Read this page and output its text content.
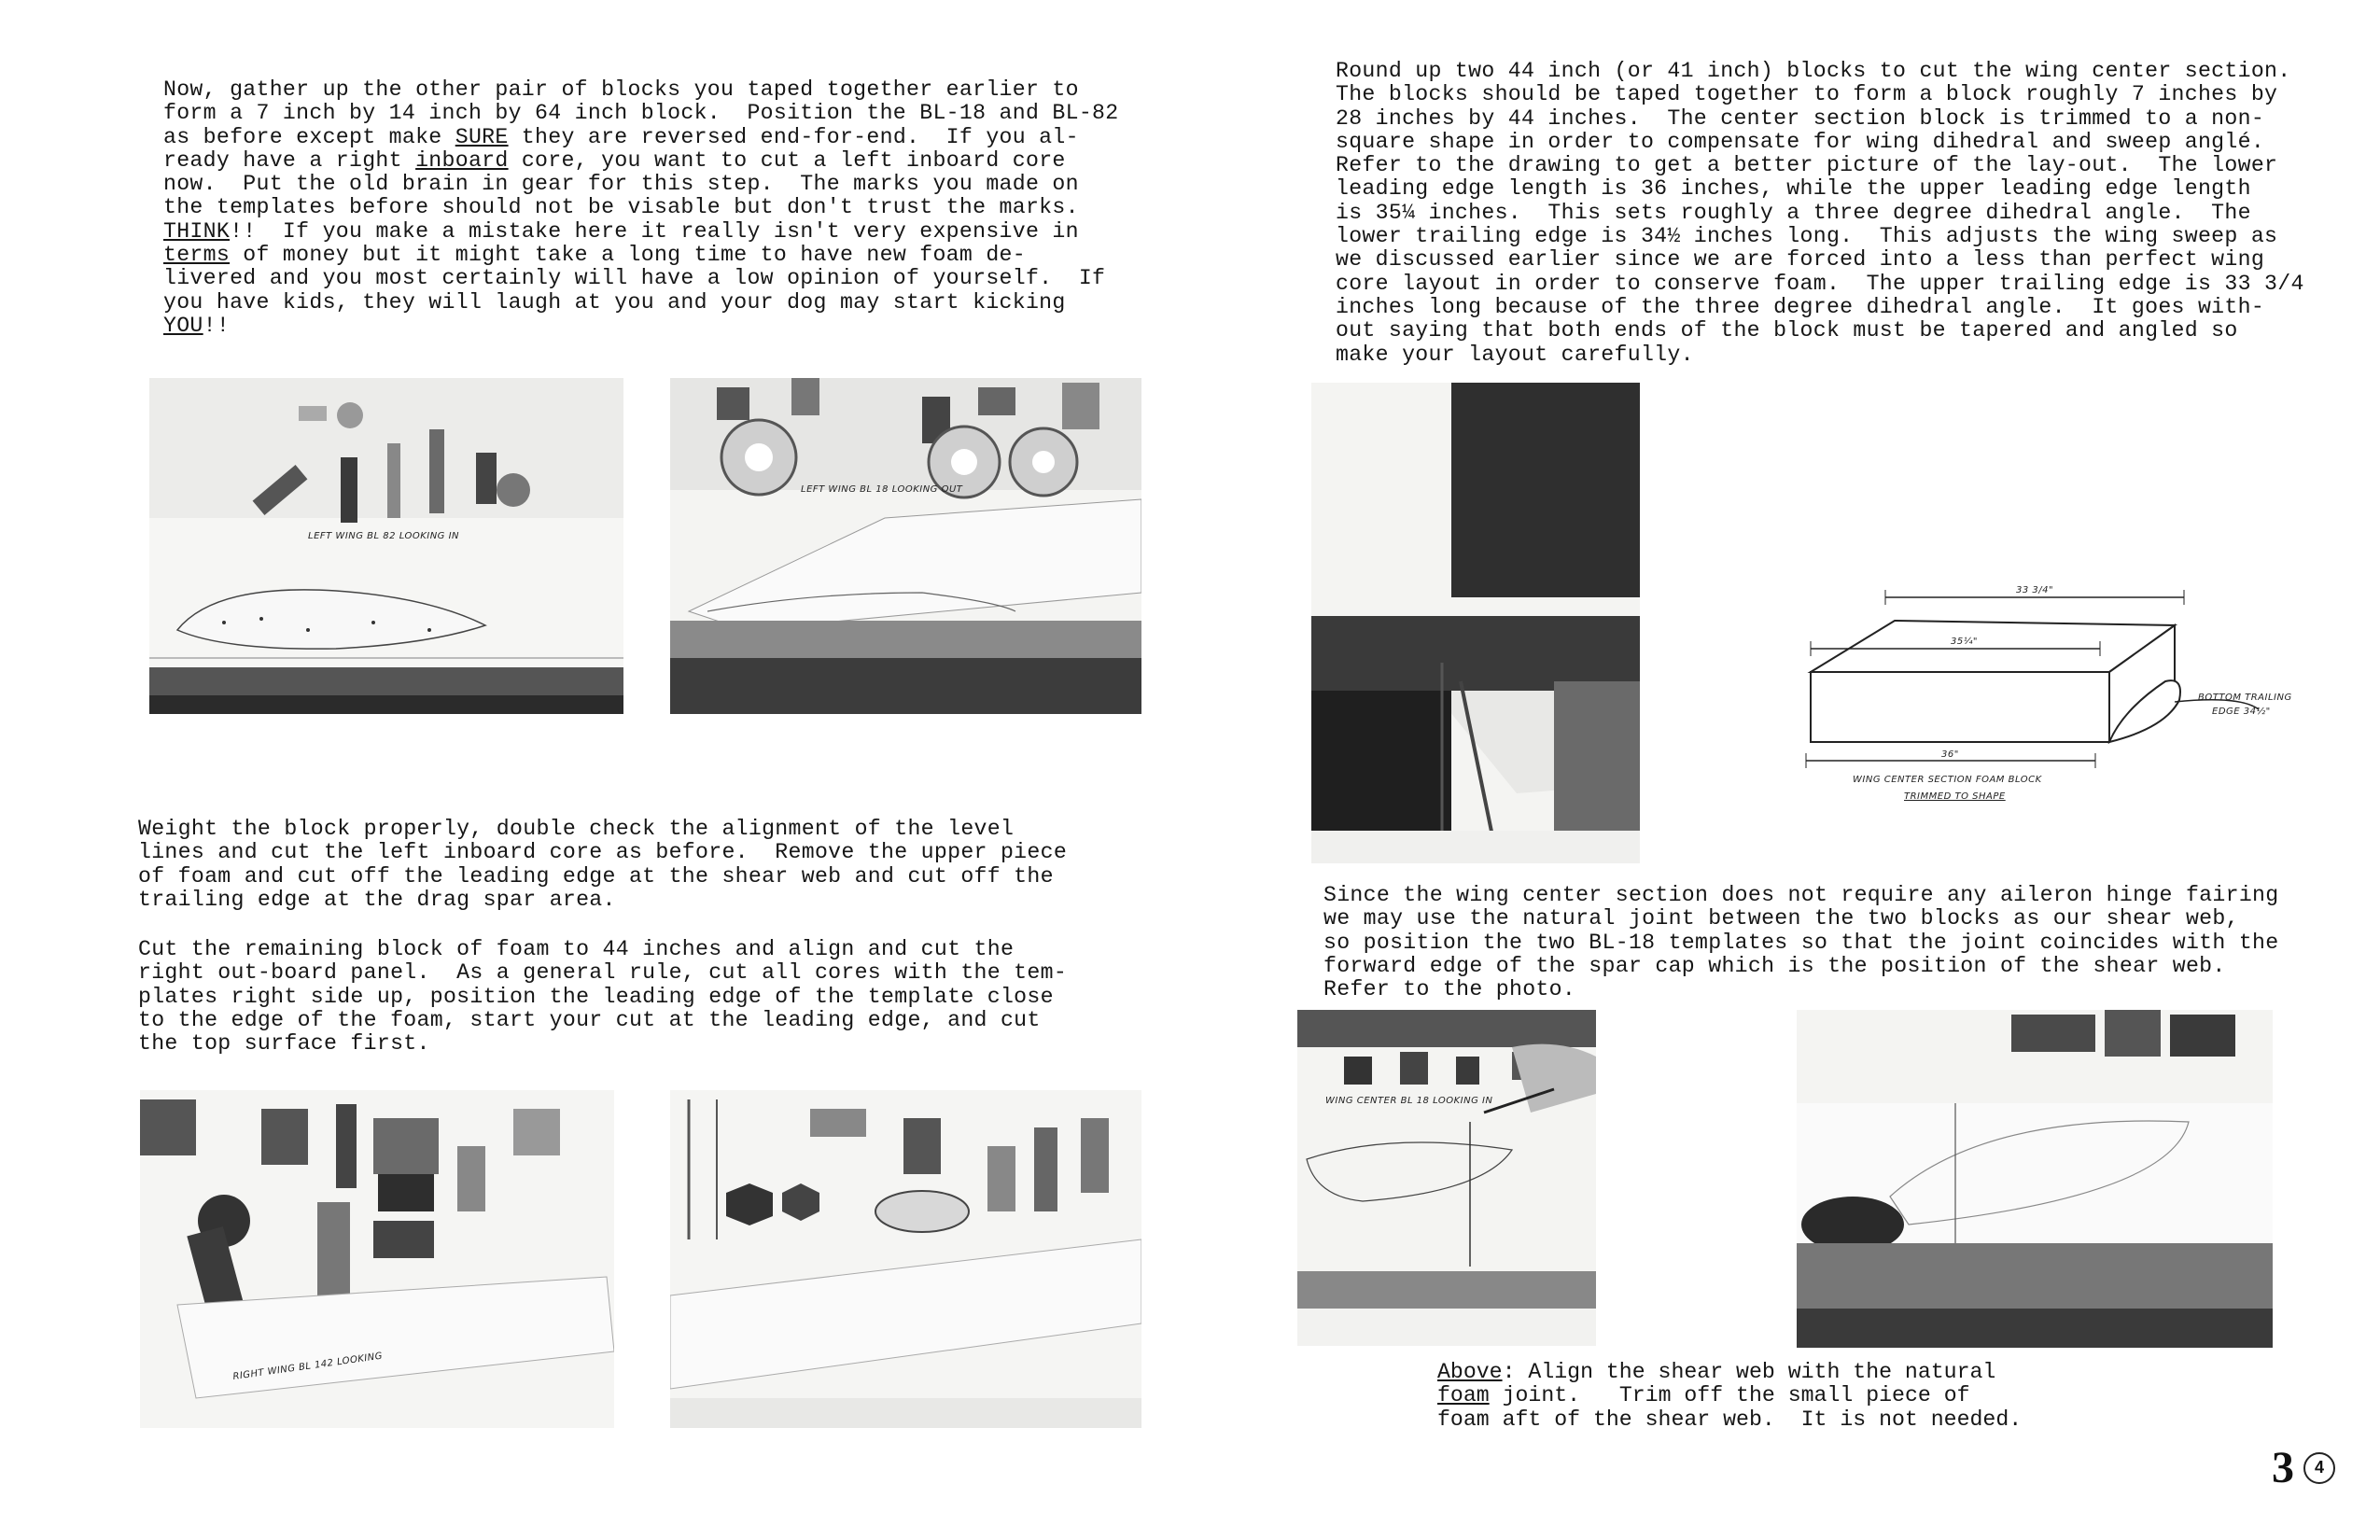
Now, gather up the other pair of blocks you taped together earlier to
form a 7 inch by 14 inch by 64 inch block.  Position the BL-18 and BL-82
as before except make SURE they are reversed end-for-end.  If you al-
ready have a right inboard core, you want to cut a left inboard core
now.  Put the old brain in gear for this step.  The marks you made on
the templates before should not be visable but don't trust the marks.
THINK!!  If you make a mistake here it really isn't very expensive in
terms of money but it might take a long time to have new foam de-
livered and you most certainly will have a low opinion of yourself.  If
you have kids, they will laugh at you and your dog may start kicking
YOU!!
LEFT WING BL 82 LOOKING IN
LEFT WING BL 18 LOOKING OUT
Weight the block properly, double check the alignment of the level
lines and cut the left inboard core as before.  Remove the upper piece
of foam and cut off the leading edge at the shear web and cut off the
trailing edge at the drag spar area.
Cut the remaining block of foam to 44 inches and align and cut the
right out-board panel.  As a general rule, cut all cores with the tem-
plates right side up, position the leading edge of the template close
to the edge of the foam, start your cut at the leading edge, and cut
the top surface first.
RIGHT WING BL 142 LOOKING
Round up two 44 inch (or 41 inch) blocks to cut the wing center section.
The blocks should be taped together to form a block roughly 7 inches by
28 inches by 44 inches.  The center section block is trimmed to a non-
square shape in order to compensate for wing dihedral and sweep anglé.
Refer to the drawing to get a better picture of the lay-out.  The lower
leading edge length is 36 inches, while the upper leading edge length
is 35¼ inches.  This sets roughly a three degree dihedral angle.  The
lower trailing edge is 34½ inches long.  This adjusts the wing sweep as
we discussed earlier since we are forced into a less than perfect wing
core layout in order to conserve foam.  The upper trailing edge is 33 3/4
inches long because of the three degree dihedral angle.  It goes with-
out saying that both ends of the block must be tapered and angled so
make your layout carefully.
33 3/4"
35¼"
36"
BOTTOM TRAILING
EDGE 34½"
WING CENTER SECTION FOAM BLOCK
TRIMMED TO SHAPE
Since the wing center section does not require any aileron hinge fairing
we may use the natural joint between the two blocks as our shear web,
so position the two BL-18 templates so that the joint coincides with the
forward edge of the spar cap which is the position of the shear web.
Refer to the photo.
WING CENTER BL 18 LOOKING IN
Above: Align the shear web with the natural
foam joint.   Trim off the small piece of
foam aft of the shear web.  It is not needed.
3	4
